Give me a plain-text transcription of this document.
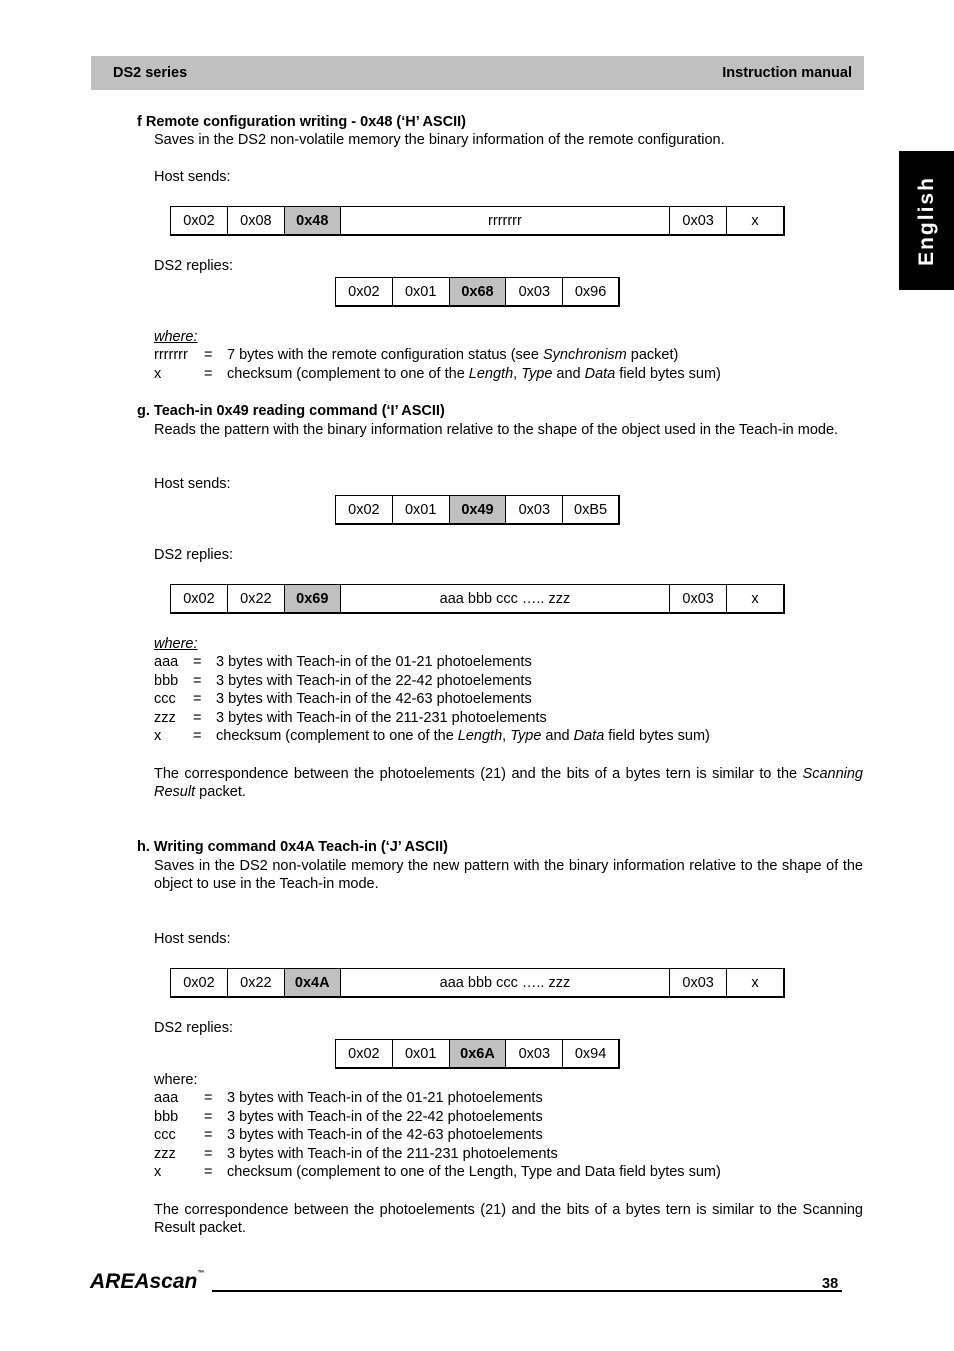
DS2 series	Instruction manual
English
f Remote configuration writing - 0x48 (‘H’ ASCII)
Saves in the DS2 non-volatile memory the binary information of the remote configuration.
Host sends:
0x02	0x08	0x48	rrrrrrr	0x03	x
DS2 replies:
0x02	0x01	0x68	0x03	0x96
where:
rrrrrrr = 7 bytes with the remote configuration status (see Synchronism packet)
x	= checksum (complement to one of the Length, Type and Data field bytes sum)
g. Teach-in 0x49 reading command (‘I’ ASCII)
Reads the pattern with the binary information relative to the shape of the object used in the Teach-in mode.
Host sends:
0x02	0x01	0x49	0x03	0xB5
DS2 replies:
0x02	0x22	0x69	aaa bbb ccc ….. zzz	0x03	x
where:
aaa = 3 bytes with Teach-in of the 01-21 photoelements
bbb = 3 bytes with Teach-in of the 22-42 photoelements
ccc = 3 bytes with Teach-in of the 42-63 photoelements
zzz = 3 bytes with Teach-in of the 211-231 photoelements
x = checksum (complement to one of the Length, Type and Data field bytes sum)
The correspondence between the photoelements (21) and the bits of a bytes tern is similar to the Scanning Result packet.
h. Writing command 0x4A Teach-in (‘J’ ASCII)
Saves in the DS2 non-volatile memory the new pattern with the binary information relative to the shape of the object to use in the Teach-in mode.
Host sends:
0x02	0x22	0x4A	aaa bbb ccc ….. zzz	0x03	x
DS2 replies:
0x02	0x01	0x6A	0x03	0x94
where:
aaa = 3 bytes with Teach-in of the 01-21 photoelements
bbb = 3 bytes with Teach-in of the 22-42 photoelements
ccc = 3 bytes with Teach-in of the 42-63 photoelements
zzz = 3 bytes with Teach-in of the 211-231 photoelements
x	= checksum (complement to one of the Length, Type and Data field bytes sum)
The correspondence between the photoelements (21) and the bits of a bytes tern is similar to the Scanning Result packet.
AREAscan™
38
